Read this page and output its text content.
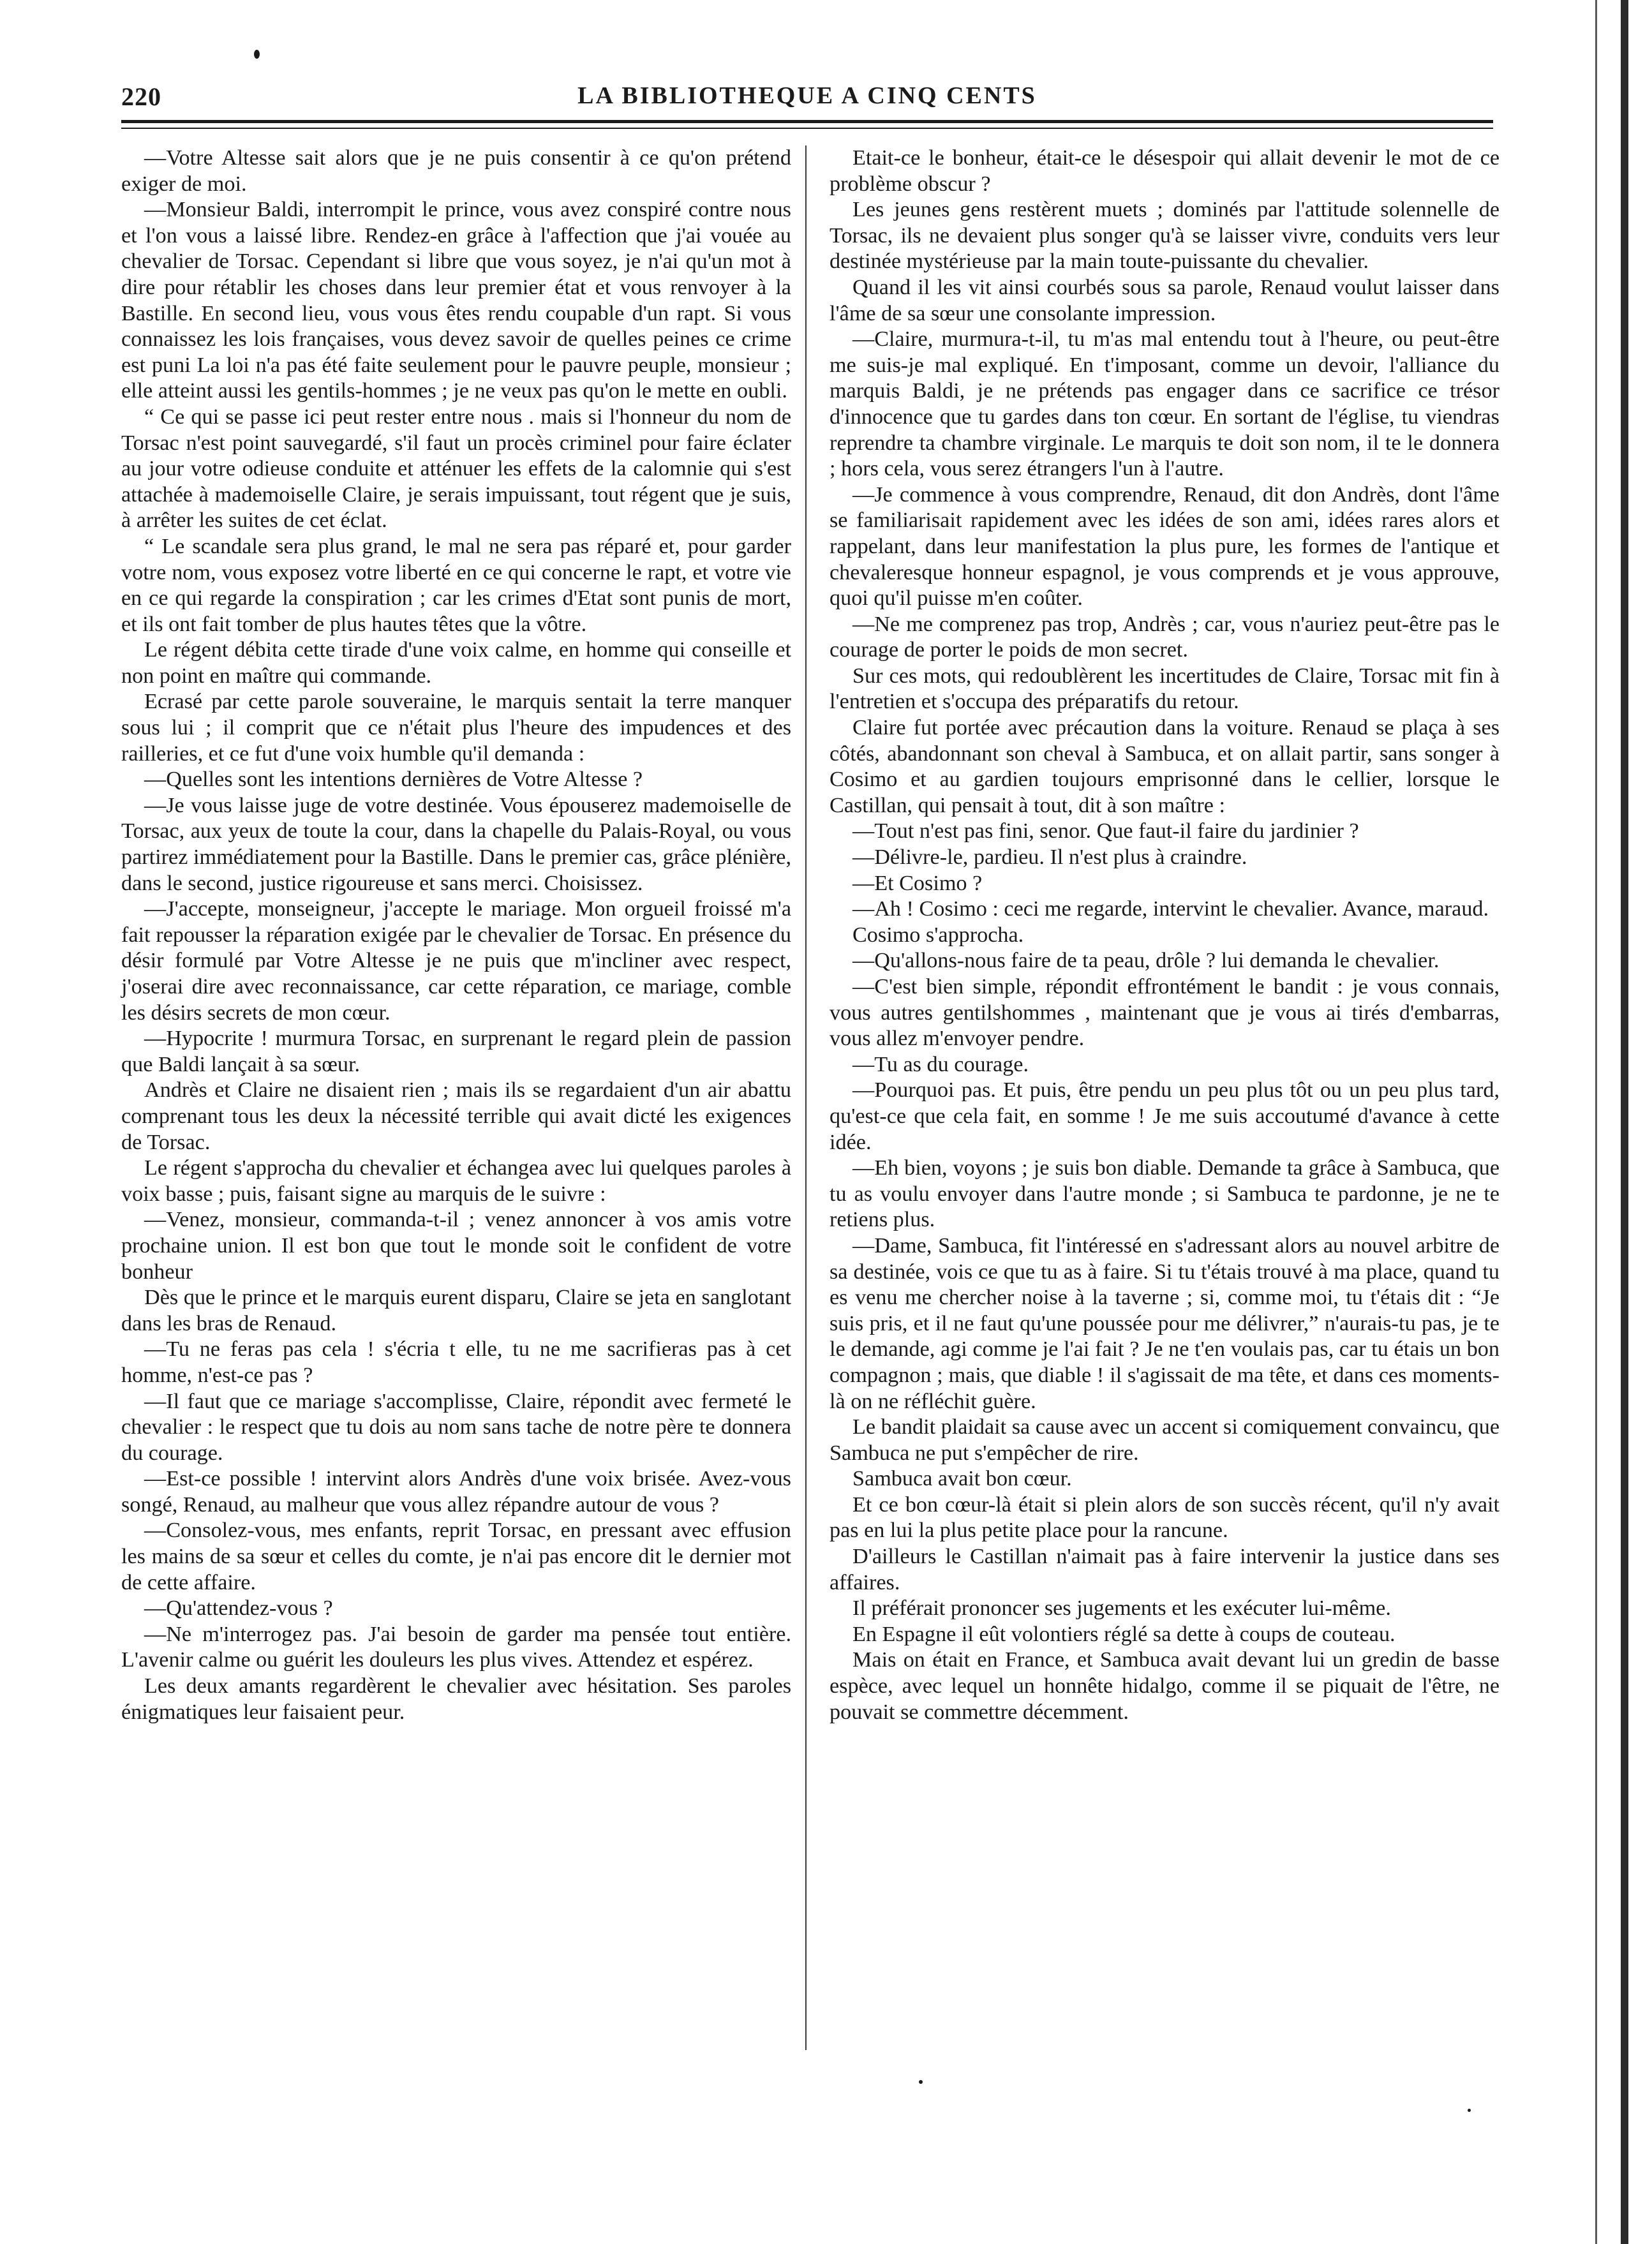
220	LA BIBLIOTHEQUE A CINQ CENTS

—Votre Altesse sait alors que je ne puis consentir à ce qu'on prétend exiger de moi.

—Monsieur Baldi, interrompit le prince, vous avez conspiré contre nous et l'on vous a laissé libre. Rendez-en grâce à l'affection que j'ai vouée au chevalier de Torsac. Cependant si libre que vous soyez, je n'ai qu'un mot à dire pour rétablir les choses dans leur premier état et vous renvoyer à la Bastille. En second lieu, vous vous êtes rendu coupable d'un rapt. Si vous connaissez les lois françaises, vous devez savoir de quelles peines ce crime est puni La loi n'a pas été faite seulement pour le pauvre peuple, monsieur ; elle atteint aussi les gentils-hommes ; je ne veux pas qu'on le mette en oubli.

“ Ce qui se passe ici peut rester entre nous . mais si l'honneur du nom de Torsac n'est point sauvegardé, s'il faut un procès criminel pour faire éclater au jour votre odieuse conduite et atténuer les effets de la calomnie qui s'est attachée à mademoiselle Claire, je serais impuissant, tout régent que je suis, à arrêter les suites de cet éclat.

“ Le scandale sera plus grand, le mal ne sera pas réparé et, pour garder votre nom, vous exposez votre liberté en ce qui concerne le rapt, et votre vie en ce qui regarde la conspiration ; car les crimes d'Etat sont punis de mort, et ils ont fait tomber de plus hautes têtes que la vôtre.

Le régent débita cette tirade d'une voix calme, en homme qui conseille et non point en maître qui commande.

Ecrasé par cette parole souveraine, le marquis sentait la terre manquer sous lui ; il comprit que ce n'était plus l'heure des impudences et des railleries, et ce fut d'une voix humble qu'il demanda :

—Quelles sont les intentions dernières de Votre Altesse ?

—Je vous laisse juge de votre destinée. Vous épouserez mademoiselle de Torsac, aux yeux de toute la cour, dans la chapelle du Palais-Royal, ou vous partirez immédiatement pour la Bastille. Dans le premier cas, grâce plénière, dans le second, justice rigoureuse et sans merci. Choisissez.

—J'accepte, monseigneur, j'accepte le mariage. Mon orgueil froissé m'a fait repousser la réparation exigée par le chevalier de Torsac. En présence du désir formulé par Votre Altesse je ne puis que m'incliner avec respect, j'oserai dire avec reconnaissance, car cette réparation, ce mariage, comble les désirs secrets de mon cœur.

—Hypocrite ! murmura Torsac, en surprenant le regard plein de passion que Baldi lançait à sa sœur.

Andrès et Claire ne disaient rien ; mais ils se regardaient d'un air abattu comprenant tous les deux la nécessité terrible qui avait dicté les exigences de Torsac.

Le régent s'approcha du chevalier et échangea avec lui quelques paroles à voix basse ; puis, faisant signe au marquis de le suivre :

—Venez, monsieur, commanda-t-il ; venez annoncer à vos amis votre prochaine union. Il est bon que tout le monde soit le confident de votre bonheur

Dès que le prince et le marquis eurent disparu, Claire se jeta en sanglotant dans les bras de Renaud.

—Tu ne feras pas cela ! s'écria t elle, tu ne me sacrifieras pas à cet homme, n'est-ce pas ?

—Il faut que ce mariage s'accomplisse, Claire, répondit avec fermeté le chevalier : le respect que tu dois au nom sans tache de notre père te donnera du courage.

—Est-ce possible ! intervint alors Andrès d'une voix brisée. Avez-vous songé, Renaud, au malheur que vous allez répandre autour de vous ?

—Consolez-vous, mes enfants, reprit Torsac, en pressant avec effusion les mains de sa sœur et celles du comte, je n'ai pas encore dit le dernier mot de cette affaire.

—Qu'attendez-vous ?

—Ne m'interrogez pas. J'ai besoin de garder ma pensée tout entière. L'avenir calme ou guérit les douleurs les plus vives. Attendez et espérez.

Les deux amants regardèrent le chevalier avec hésitation. Ses paroles énigmatiques leur faisaient peur.

Etait-ce le bonheur, était-ce le désespoir qui allait devenir le mot de ce problème obscur ?

Les jeunes gens restèrent muets ; dominés par l'attitude solennelle de Torsac, ils ne devaient plus songer qu'à se laisser vivre, conduits vers leur destinée mystérieuse par la main toute-puissante du chevalier.

Quand il les vit ainsi courbés sous sa parole, Renaud voulut laisser dans l'âme de sa sœur une consolante impression.

—Claire, murmura-t-il, tu m'as mal entendu tout à l'heure, ou peut-être me suis-je mal expliqué. En t'imposant, comme un devoir, l'alliance du marquis Baldi, je ne prétends pas engager dans ce sacrifice ce trésor d'innocence que tu gardes dans ton cœur. En sortant de l'église, tu viendras reprendre ta chambre virginale. Le marquis te doit son nom, il te le donnera ; hors cela, vous serez étrangers l'un à l'autre.

—Je commence à vous comprendre, Renaud, dit don Andrès, dont l'âme se familiarisait rapidement avec les idées de son ami, idées rares alors et rappelant, dans leur manifestation la plus pure, les formes de l'antique et chevaleresque honneur espagnol, je vous comprends et je vous approuve, quoi qu'il puisse m'en coûter.

—Ne me comprenez pas trop, Andrès ; car, vous n'auriez peut-être pas le courage de porter le poids de mon secret.

Sur ces mots, qui redoublèrent les incertitudes de Claire, Torsac mit fin à l'entretien et s'occupa des préparatifs du retour.

Claire fut portée avec précaution dans la voiture. Renaud se plaça à ses côtés, abandonnant son cheval à Sambuca, et on allait partir, sans songer à Cosimo et au gardien toujours emprisonné dans le cellier, lorsque le Castillan, qui pensait à tout, dit à son maître :

—Tout n'est pas fini, senor. Que faut-il faire du jardinier ?

—Délivre-le, pardieu. Il n'est plus à craindre.

—Et Cosimo ?

—Ah ! Cosimo : ceci me regarde, intervint le chevalier. Avance, maraud.

Cosimo s'approcha.

—Qu'allons-nous faire de ta peau, drôle ? lui demanda le chevalier.

—C'est bien simple, répondit effrontément le bandit : je vous connais, vous autres gentilshommes , maintenant que je vous ai tirés d'embarras, vous allez m'envoyer pendre.

—Tu as du courage.

—Pourquoi pas. Et puis, être pendu un peu plus tôt ou un peu plus tard, qu'est-ce que cela fait, en somme ! Je me suis accoutumé d'avance à cette idée.

—Eh bien, voyons ; je suis bon diable. Demande ta grâce à Sambuca, que tu as voulu envoyer dans l'autre monde ; si Sambuca te pardonne, je ne te retiens plus.

—Dame, Sambuca, fit l'intéressé en s'adressant alors au nouvel arbitre de sa destinée, vois ce que tu as à faire. Si tu t'étais trouvé à ma place, quand tu es venu me chercher noise à la taverne ; si, comme moi, tu t'étais dit : “Je suis pris, et il ne faut qu'une poussée pour me délivrer,” n'aurais-tu pas, je te le demande, agi comme je l'ai fait ? Je ne t'en voulais pas, car tu étais un bon compagnon ; mais, que diable ! il s'agissait de ma tête, et dans ces moments-là on ne réfléchit guère.

Le bandit plaidait sa cause avec un accent si comiquement convaincu, que Sambuca ne put s'empêcher de rire.

Sambuca avait bon cœur.

Et ce bon cœur-là était si plein alors de son succès récent, qu'il n'y avait pas en lui la plus petite place pour la rancune.

D'ailleurs le Castillan n'aimait pas à faire intervenir la justice dans ses affaires.

Il préférait prononcer ses jugements et les exécuter lui-même.

En Espagne il eût volontiers réglé sa dette à coups de couteau.

Mais on était en France, et Sambuca avait devant lui un gredin de basse espèce, avec lequel un honnête hidalgo, comme il se piquait de l'être, ne pouvait se commettre décemment.
